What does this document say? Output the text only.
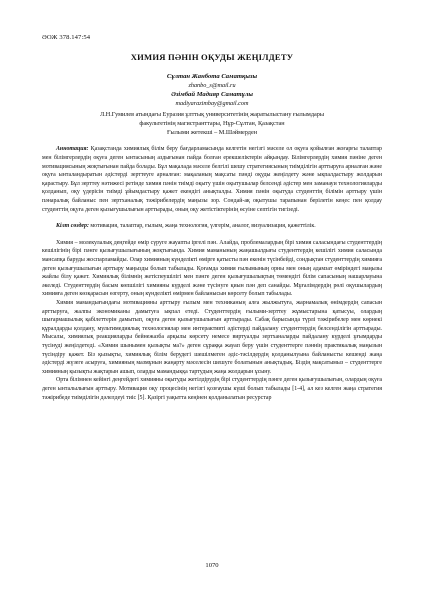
ӘОЖ 378.147:54
ХИМИЯ ПӘНІН ОҚУДЫ ЖЕҢІЛДЕТУ
Сұлтан Жанбота Саматқызы
zhanbo_s@mail.ru
Әзімбай Мадияр Саматұлы
madiyarazimbay@gmail.com
Л.Н.Гумилев атындағы Еуразия ұлттық университетінің жаратылыстану ғылымдары
факультетінің магистранттары, Нұр-Сұлтан, Қазақстан
Ғылыми жетекші – М.Шәймерден

Аннотация: Қазақстанда химиялық білім беру бағдарламасында келгетін негізгі мәселе ол оқуға қойылған жоғарғы талаптар мен білімгерлердің оқуға деген ынтасының аздығынан пайда болған ерекшеліктерін айқындау. Білімгерлердің химия пәніне деген мотивациясының жоқтығынан пайда болады. Бұл мақалада мәселе белгілі шешу стратегиясының тиімділігін арттыруға арналған және оқуға ынталандыратын әдістерді зерттеуге арналған: мақаланың мақсаты пәнді оқуды жеңілдету және ықпалдастыру жолдарын қарастыру. Бұл зерттеу нәтижесі ретінде химия пәнін тиімді оқыту үшін оқытушылар белсенді әдістер мен заманауи технологияларды қолданып, оқу үдерісін тиімді ұйымдастыру қажет екендігі анықталды. Химия пәнін оқытуда студенттің білімін арттыру үшін пәнаралық байланыс пен зертханалық тәжірибелердің маңызы зор. Сондай-ақ оқытушы тарапынан берілетін кеңес пен қолдау студенттің оқуға деген қызығушылығын арттырады, оның оқу жетістіктерінің өсуіне септігін тигізеді.

Кілт сөздер: мотивация, талаптар, ғылым, жаңа технология, үлгерім, аналог, визуализация, қажеттілік.

Химия – молекулалық деңгейде өмір сүруге жауапты іргелі пән. Алайда, проблемалардың бірі химия саласындағы студенттердің кешілігінің бірі пәнге қызығушылығының жоқтығында. Химия маманының жаңашылдығы студенттердің кешілігі химия саласында мансапқа баруды жоспарламайды. Олар химияның күнделікті өмірге қатысты пән екенін түсінбейді, сондықтан студенттердің химияға деген қызығушылығын арттыру маңызды болып табылады. Қоғамда химия ғылымының орны мен оның адамзат өміріндегі маңызы жайлы білу қажет. Химиялық білімнің жетіспеушілігі мен пәнге деген қызығушылықтың төмендігі білім сапасының нашарлауына әкеледі. Студенттердің басым көпшілігі химияны күрделі және түсінуге қиын пән деп санайды. Мұғалімдердің рөлі оқушылардың химияға деген көзқарасын өзгерту, оның күнделікті өмірмен байланысын көрсету болып табылады.

Химия мамандығындағы мотивацияны арттыру ғылым мен техниканың алға жылжытуға, жарнамалық өнімдердің сапасын арттыруға, жалпы экономиканы дамытуға ықпал етеді. Студенттердің ғылыми-зерттеу жұмыстарына қатысуы, олардың шығармашылық қабілеттерін дамытып, оқуға деген қызығушылығын арттырады. Сабақ барысында түрлі тәжірибелер мен көрнекі құралдарды қолдану, мультимедиялық технологиялар мен интерактивті әдістерді пайдалану студенттердің белсенділігін арттырады. Мысалы, химиялық реакцияларды бейнежазба арқылы көрсету немесе виртуалды зертханаларды пайдалану күрделі ұғымдарды түсінуді жеңілдетеді. «Химия шынымен қызықты ма?» деген сұраққа жауап беру үшін студенттерге пәннің практикалық маңызын түсіндіру қажет. Біз қызықты, химиялық білім берудегі шешілмеген әдіс-тәсілдердің қолданылуына байланысты кешенді жаңа әдістерді жүзеге асыруға, химияның мазмұнын жаңарту мәселесін шешуге болатынын анықтадық. Біздің мақсатымыз – студенттерге химияның қызықты жақтарын ашып, оларды мамандыққа тартудың жаңа жолдарын ұсыну.

Орта білімнен кейінгі деңгейдегі химияны оқытуды жетілдірудің бірі студенттердің пәнге деген қызығушылығын, олардың оқуға деген ынталылығын арттыру. Мотивация оқу процесінің негізгі қозғаушы күші болып табылады [1-4], ал кез келген жаңа стратегия тәжірибеде тиімділігін дәлелдеуі тиіс [5]. Қазіргі уақытта кеңінен қолданылатын ресурстар

1070
